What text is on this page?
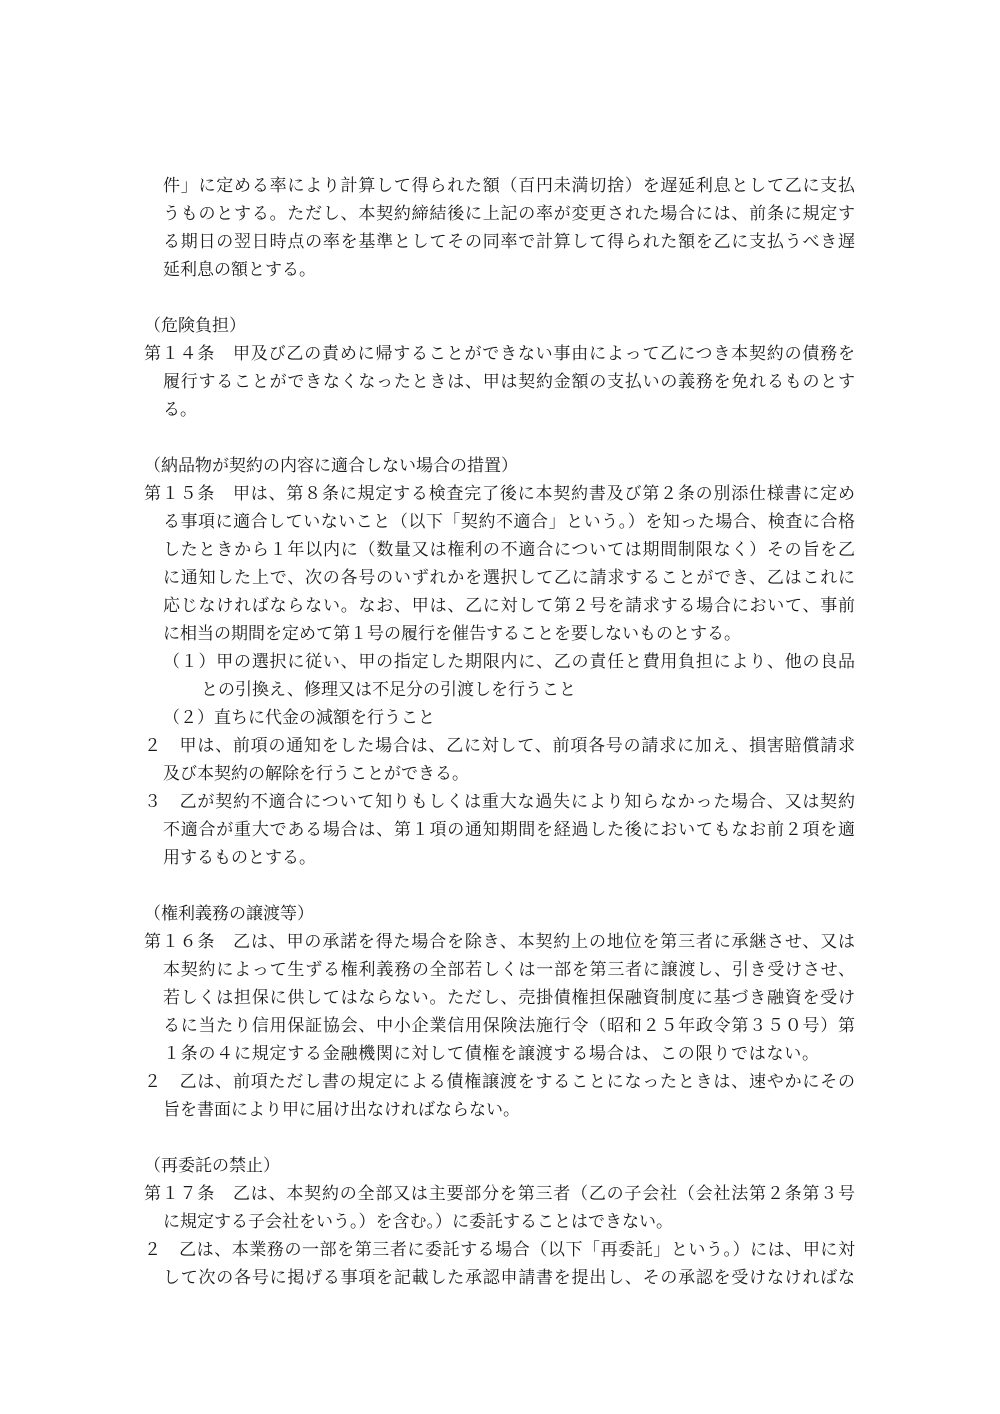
件」に定める率により計算して得られた額（百円未満切捨）を遅延利息として乙に支払
うものとする。ただし、本契約締結後に上記の率が変更された場合には、前条に規定す
る期日の翌日時点の率を基準としてその同率で計算して得られた額を乙に支払うべき遅
延利息の額とする。
（危険負担）
第１４条　甲及び乙の責めに帰することができない事由によって乙につき本契約の債務を
履行することができなくなったときは、甲は契約金額の支払いの義務を免れるものとす
る。
（納品物が契約の内容に適合しない場合の措置）
第１５条　甲は、第８条に規定する検査完了後に本契約書及び第２条の別添仕様書に定め
る事項に適合していないこと（以下「契約不適合」という。）を知った場合、検査に合格
したときから１年以内に（数量又は権利の不適合については期間制限なく）その旨を乙
に通知した上で、次の各号のいずれかを選択して乙に請求することができ、乙はこれに
応じなければならない。なお、甲は、乙に対して第２号を請求する場合において、事前
に相当の期間を定めて第１号の履行を催告することを要しないものとする。
（１）甲の選択に従い、甲の指定した期限内に、乙の責任と費用負担により、他の良品
との引換え、修理又は不足分の引渡しを行うこと
（２）直ちに代金の減額を行うこと
２　甲は、前項の通知をした場合は、乙に対して、前項各号の請求に加え、損害賠償請求
及び本契約の解除を行うことができる。
３　乙が契約不適合について知りもしくは重大な過失により知らなかった場合、又は契約
不適合が重大である場合は、第１項の通知期間を経過した後においてもなお前２項を適
用するものとする。
（権利義務の譲渡等）
第１６条　乙は、甲の承諾を得た場合を除き、本契約上の地位を第三者に承継させ、又は
本契約によって生ずる権利義務の全部若しくは一部を第三者に譲渡し、引き受けさせ、
若しくは担保に供してはならない。ただし、売掛債権担保融資制度に基づき融資を受け
るに当たり信用保証協会、中小企業信用保険法施行令（昭和２５年政令第３５０号）第
１条の４に規定する金融機関に対して債権を譲渡する場合は、この限りではない。
２　乙は、前項ただし書の規定による債権譲渡をすることになったときは、速やかにその
旨を書面により甲に届け出なければならない。
（再委託の禁止）
第１７条　乙は、本契約の全部又は主要部分を第三者（乙の子会社（会社法第２条第３号
に規定する子会社をいう。）を含む。）に委託することはできない。
２　乙は、本業務の一部を第三者に委託する場合（以下「再委託」という。）には、甲に対
して次の各号に掲げる事項を記載した承認申請書を提出し、その承認を受けなければな
